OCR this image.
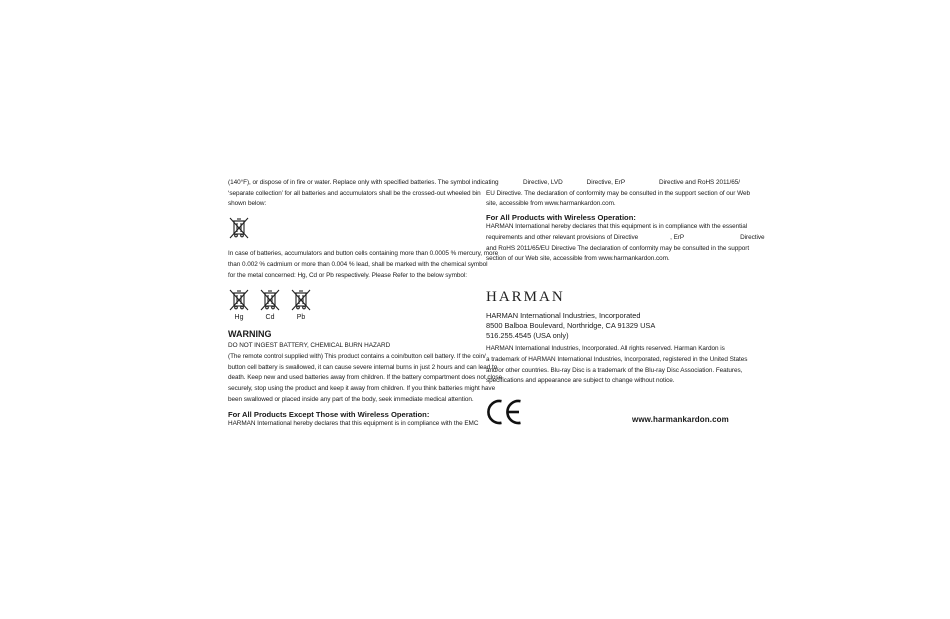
(140°F), or dispose of in fire or water. Replace only with specified batteries. The symbol indicating

‘separate collection’ for all batteries and accumulators shall be the crossed-out wheeled bin

shown below:

In case of batteries, accumulators and button cells containing more than 0.0005 % mercury, more

than 0.002 % cadmium or more than 0.004 % lead, shall be marked with the chemical symbol

for the metal concerned: Hg, Cd or Pb respectively. Please Refer to the below symbol:

Hg	Cd	Pb

WARNING

DO NOT INGEST BATTERY, CHEMICAL BURN HAZARD

(The remote control supplied with) This product contains a coin/button cell battery. If the coin/

button cell battery is swallowed, it can cause severe internal burns in just 2 hours and can lead to

death. Keep new and used batteries away from children. If the battery compartment does not close

securely, stop using the product and keep it away from children. If you think batteries might have

been swallowed or placed inside any part of the body, seek immediate medical attention.

For All Products Except Those with Wireless Operation:

HARMAN International hereby declares that this equipment is in compliance with the EMC

Directive, LVD	Directive, ErP	Directive and RoHS 2011/65/

EU Directive. The declaration of conformity may be consulted in the support section of our Web

site, accessible from www.harmankardon.com.

For All Products with Wireless Operation:

HARMAN International hereby declares that this equipment is in compliance with the essential

requirements and other relevant provisions of Directive	, ErP	Directive

and RoHS 2011/65/EU Directive The declaration of conformity may be consulted in the support

section of our Web site, accessible from www.harmankardon.com.

HARMAN

HARMAN International Industries, Incorporated

8500 Balboa Boulevard, Northridge, CA 91329 USA

516.255.4545 (USA only)

HARMAN International Industries, Incorporated. All rights reserved. Harman Kardon is

a trademark of HARMAN International Industries, Incorporated, registered in the United States

and/or other countries. Blu-ray Disc is a trademark of the Blu-ray Disc Association. Features,

specifications and appearance are subject to change without notice.

www.harmankardon.com
